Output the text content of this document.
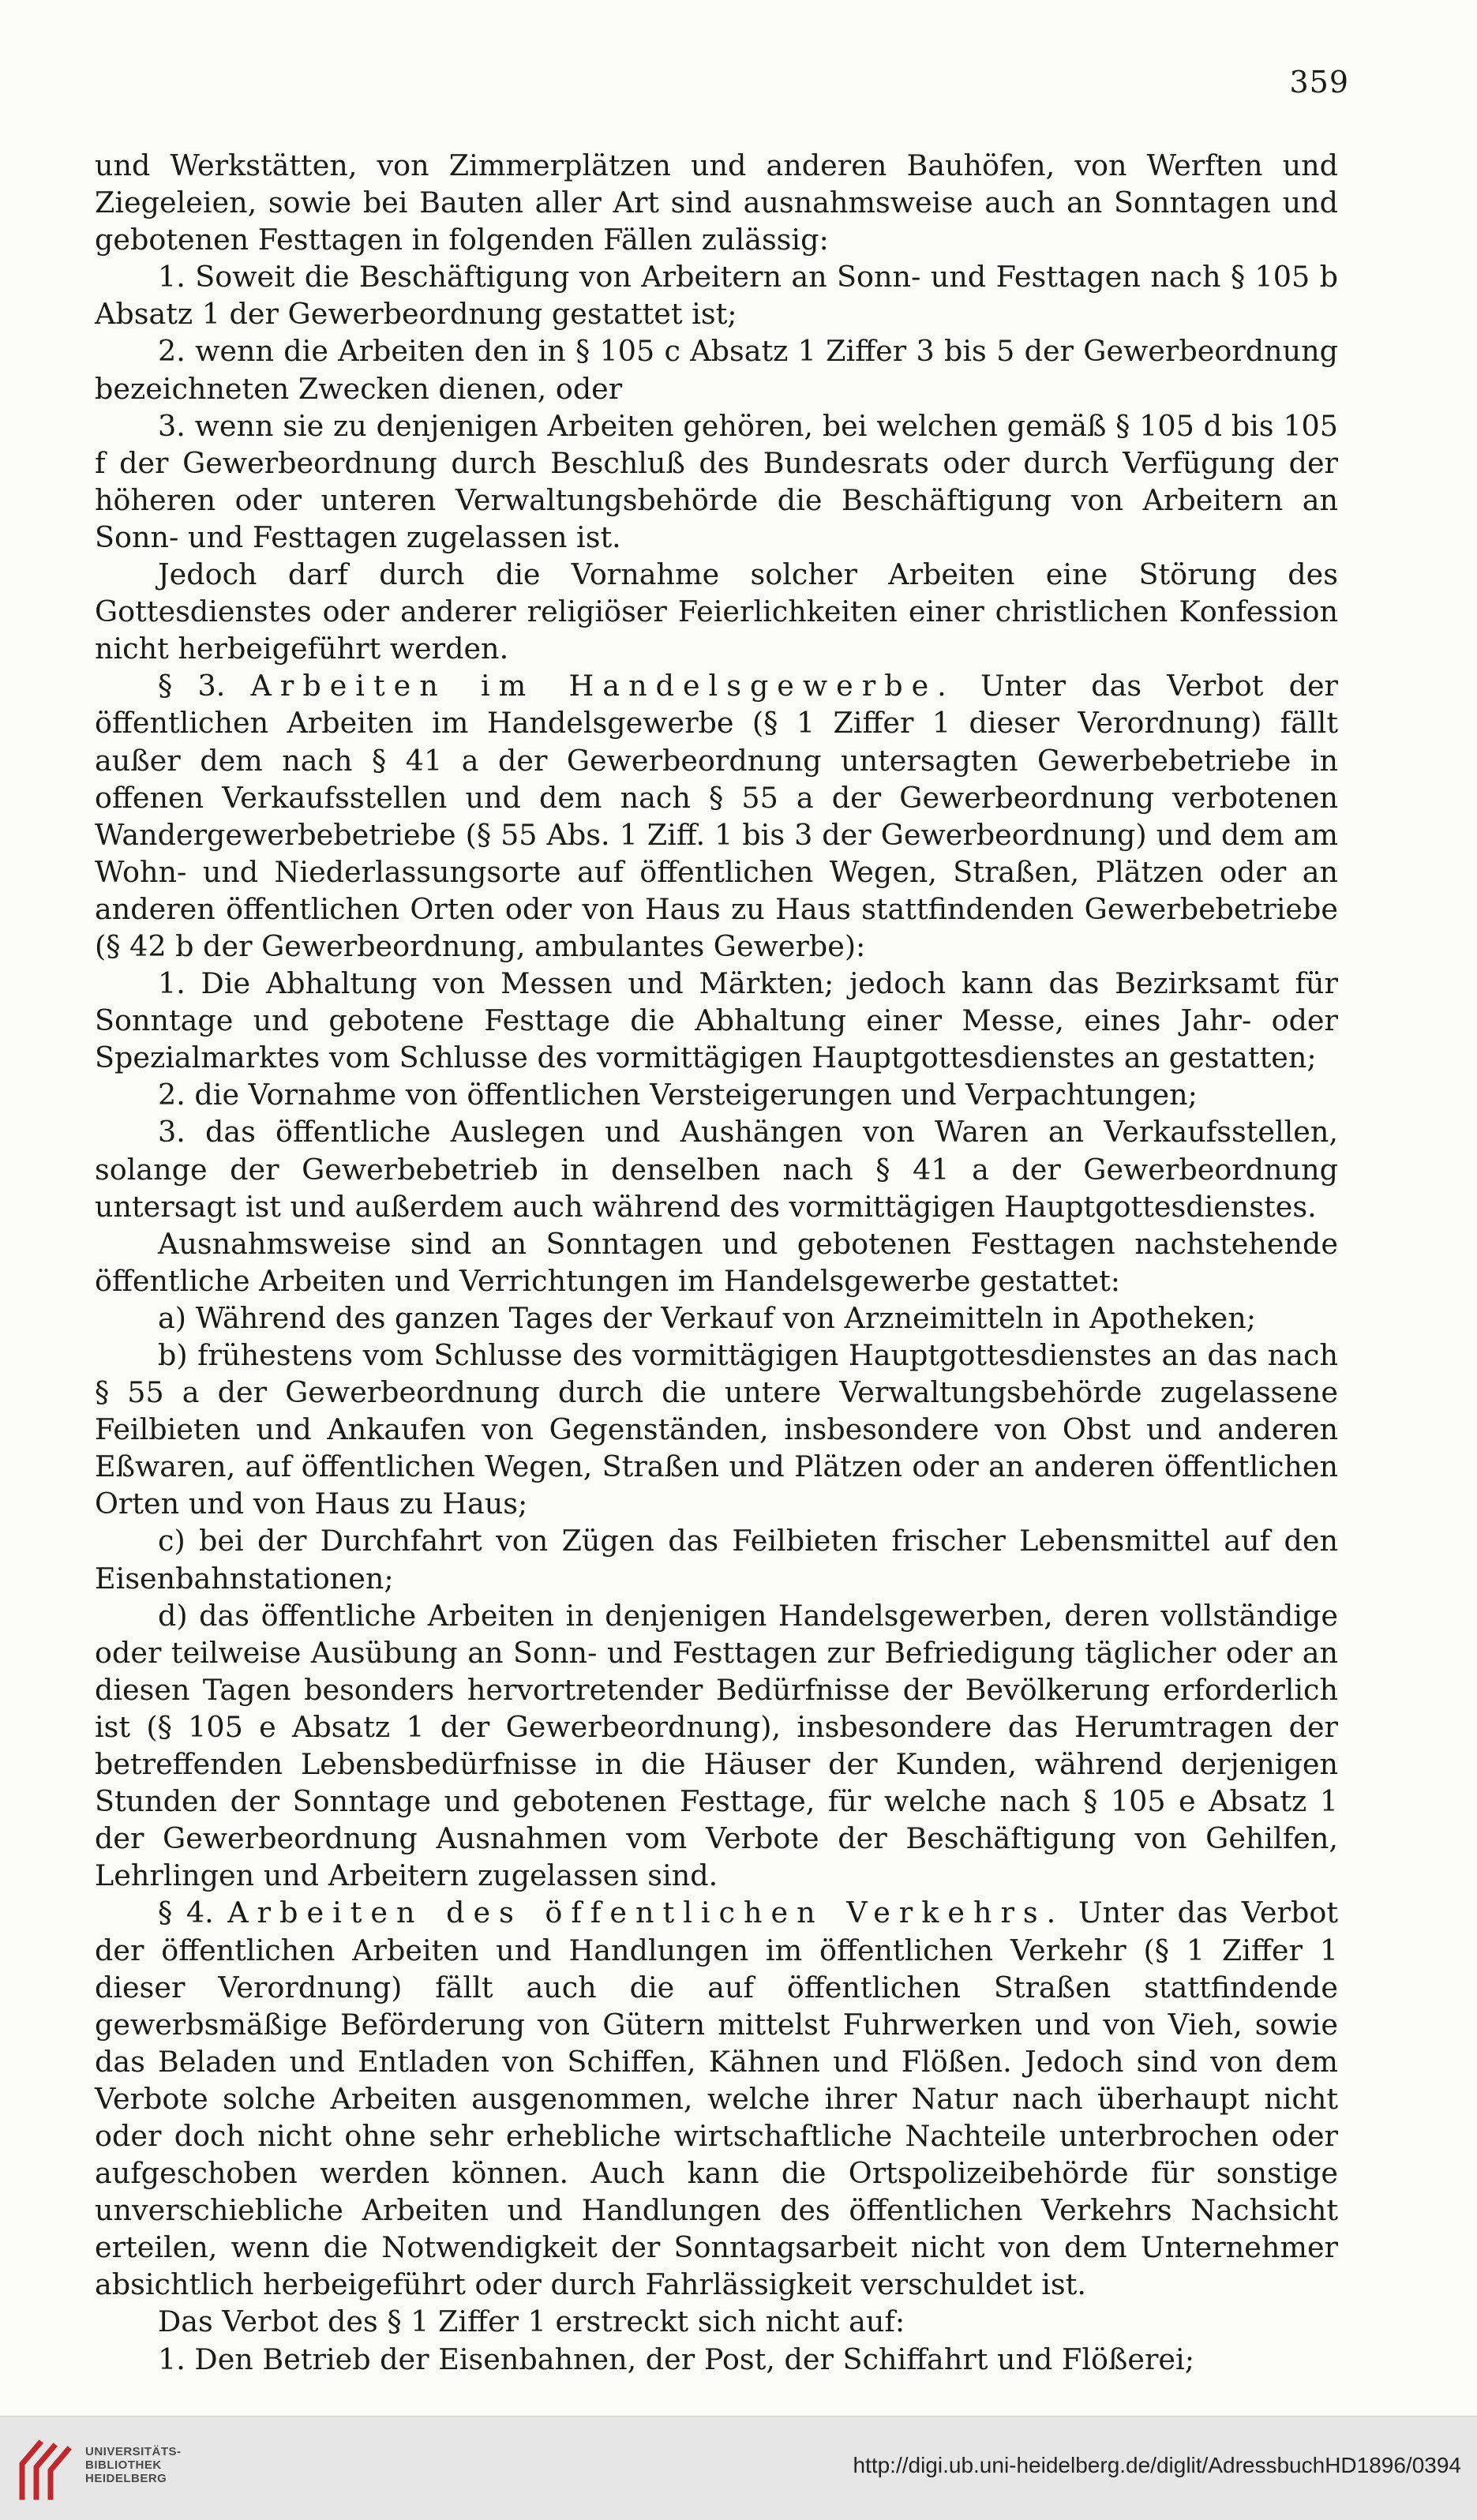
359

und Werkstätten, von Zimmerplätzen und anderen Bauhöfen, von Werften und Ziegeleien, sowie bei Bauten aller Art sind ausnahmsweise auch an Sonntagen und gebotenen Festtagen in folgenden Fällen zulässig:

1. Soweit die Beschäftigung von Arbeitern an Sonn- und Festtagen nach § 105 b Absatz 1 der Gewerbeordnung gestattet ist;

2. wenn die Arbeiten den in § 105 c Absatz 1 Ziffer 3 bis 5 der Gewerbeordnung bezeichneten Zwecken dienen, oder

3. wenn sie zu denjenigen Arbeiten gehören, bei welchen gemäß § 105 d bis 105 f der Gewerbeordnung durch Beschluß des Bundesrats oder durch Verfügung der höheren oder unteren Verwaltungsbehörde die Beschäftigung von Arbeitern an Sonn- und Festtagen zugelassen ist.

Jedoch darf durch die Vornahme solcher Arbeiten eine Störung des Gottesdienstes oder anderer religiöser Feierlichkeiten einer christlichen Konfession nicht herbeigeführt werden.

§ 3. Arbeiten im Handelsgewerbe. Unter das Verbot der öffentlichen Arbeiten im Handelsgewerbe (§ 1 Ziffer 1 dieser Verordnung) fällt außer dem nach § 41 a der Gewerbeordnung untersagten Gewerbebetriebe in offenen Verkaufsstellen und dem nach § 55 a der Gewerbeordnung verbotenen Wandergewerbebetriebe (§ 55 Abs. 1 Ziff. 1 bis 3 der Gewerbeordnung) und dem am Wohn- und Niederlassungsorte auf öffentlichen Wegen, Straßen, Plätzen oder an anderen öffentlichen Orten oder von Haus zu Haus stattfindenden Gewerbebetriebe (§ 42 b der Gewerbeordnung, ambulantes Gewerbe):

1. Die Abhaltung von Messen und Märkten; jedoch kann das Bezirksamt für Sonntage und gebotene Festtage die Abhaltung einer Messe, eines Jahr- oder Spezialmarktes vom Schlusse des vormittägigen Hauptgottesdienstes an gestatten;

2. die Vornahme von öffentlichen Versteigerungen und Verpachtungen;

3. das öffentliche Auslegen und Aushängen von Waren an Verkaufsstellen, solange der Gewerbebetrieb in denselben nach § 41 a der Gewerbeordnung untersagt ist und außerdem auch während des vormittägigen Hauptgottesdienstes.

Ausnahmsweise sind an Sonntagen und gebotenen Festtagen nachstehende öffentliche Arbeiten und Verrichtungen im Handelsgewerbe gestattet:

a) Während des ganzen Tages der Verkauf von Arzneimitteln in Apotheken;

b) frühestens vom Schlusse des vormittägigen Hauptgottesdienstes an das nach § 55 a der Gewerbeordnung durch die untere Verwaltungsbehörde zugelassene Feilbieten und Ankaufen von Gegenständen, insbesondere von Obst und anderen Eßwaren, auf öffentlichen Wegen, Straßen und Plätzen oder an anderen öffentlichen Orten und von Haus zu Haus;

c) bei der Durchfahrt von Zügen das Feilbieten frischer Lebensmittel auf den Eisenbahnstationen;

d) das öffentliche Arbeiten in denjenigen Handelsgewerben, deren vollständige oder teilweise Ausübung an Sonn- und Festtagen zur Befriedigung täglicher oder an diesen Tagen besonders hervortretender Bedürfnisse der Bevölkerung erforderlich ist (§ 105 e Absatz 1 der Gewerbeordnung), insbesondere das Herumtragen der betreffenden Lebensbedürfnisse in die Häuser der Kunden, während derjenigen Stunden der Sonntage und gebotenen Festtage, für welche nach § 105 e Absatz 1 der Gewerbeordnung Ausnahmen vom Verbote der Beschäftigung von Gehilfen, Lehrlingen und Arbeitern zugelassen sind.

§ 4. Arbeiten des öffentlichen Verkehrs. Unter das Verbot der öffentlichen Arbeiten und Handlungen im öffentlichen Verkehr (§ 1 Ziffer 1 dieser Verordnung) fällt auch die auf öffentlichen Straßen stattfindende gewerbsmäßige Beförderung von Gütern mittelst Fuhrwerken und von Vieh, sowie das Beladen und Entladen von Schiffen, Kähnen und Flößen. Jedoch sind von dem Verbote solche Arbeiten ausgenommen, welche ihrer Natur nach überhaupt nicht oder doch nicht ohne sehr erhebliche wirtschaftliche Nachteile unterbrochen oder aufgeschoben werden können. Auch kann die Ortspolizeibehörde für sonstige unverschiebliche Arbeiten und Handlungen des öffentlichen Verkehrs Nachsicht erteilen, wenn die Notwendigkeit der Sonntagsarbeit nicht von dem Unternehmer absichtlich herbeigeführt oder durch Fahrlässigkeit verschuldet ist.

Das Verbot des § 1 Ziffer 1 erstreckt sich nicht auf:

1. Den Betrieb der Eisenbahnen, der Post, der Schiffahrt und Flößerei;

UNIVERSITÄTS-
BIBLIOTHEK
HEIDELBERG
http://digi.ub.uni-heidelberg.de/diglit/AdressbuchHD1896/0394
